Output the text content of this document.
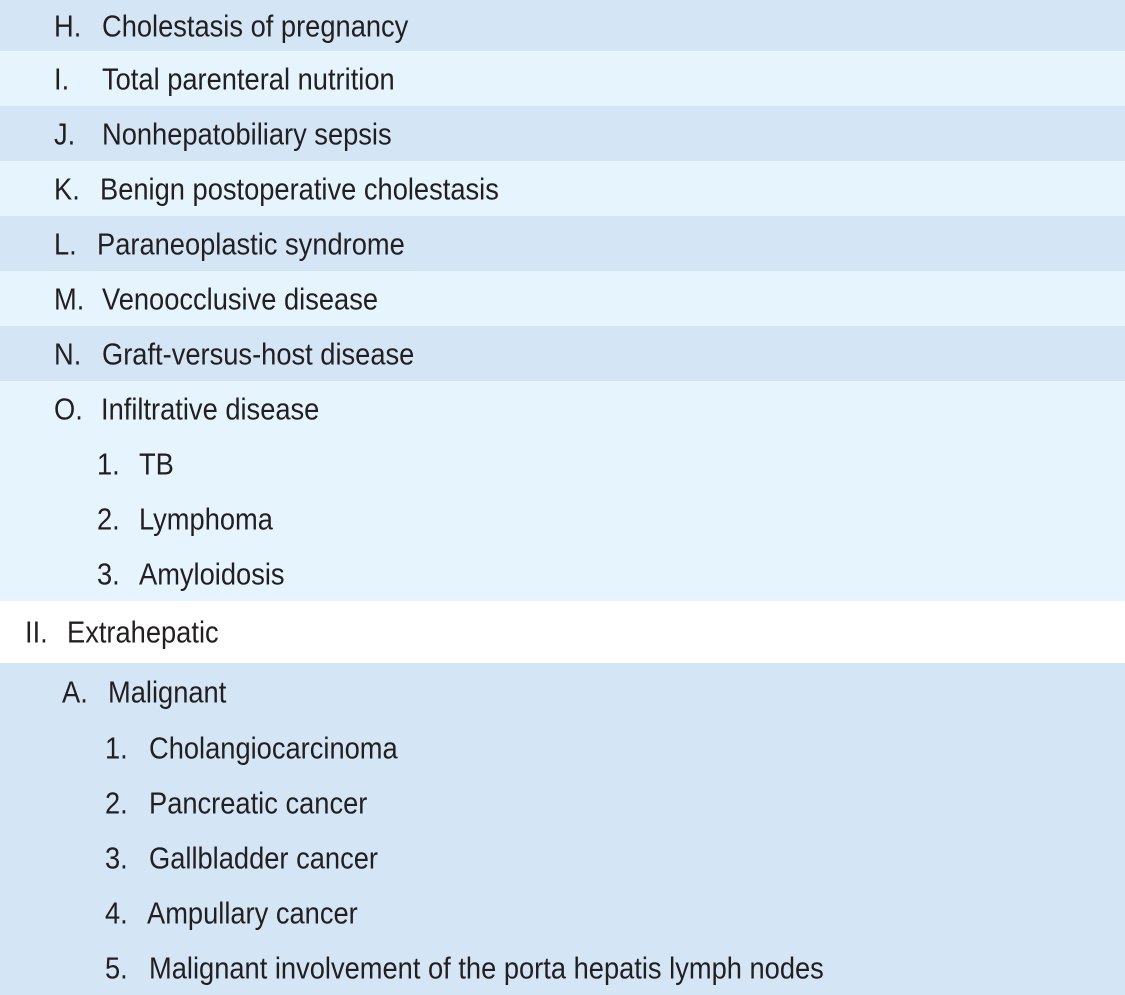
H. Cholestasis of pregnancy
I. Total parenteral nutrition
J. Nonhepatobiliary sepsis
K. Benign postoperative cholestasis
L. Paraneoplastic syndrome
M. Venoocclusive disease
N. Graft-versus-host disease
O. Infiltrative disease
1. TB
2. Lymphoma
3. Amyloidosis
II. Extrahepatic
A. Malignant
1. Cholangiocarcinoma
2. Pancreatic cancer
3. Gallbladder cancer
4. Ampullary cancer
5. Malignant involvement of the porta hepatis lymph nodes
